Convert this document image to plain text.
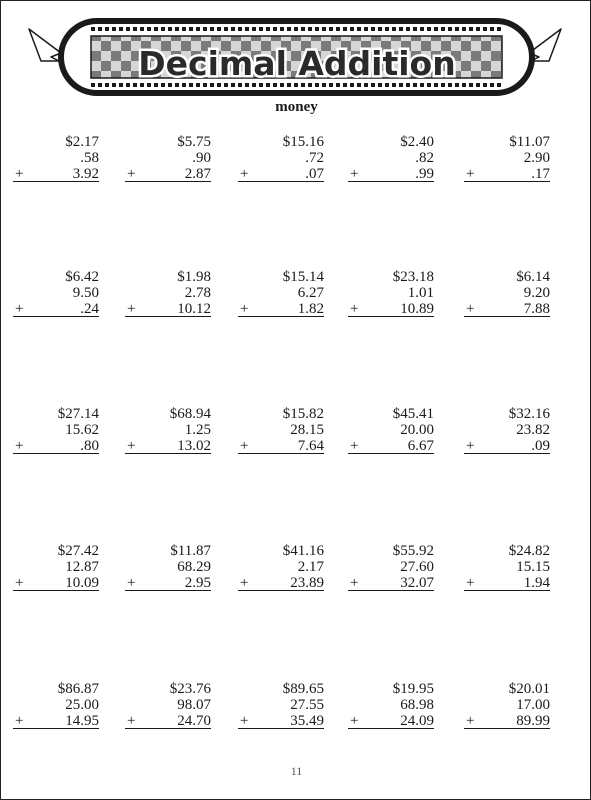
Decimal Addition
money
$2.17
.58
+	3.92
$5.75
.90
+	2.87
$15.16
.72
+	.07
$2.40
.82
+	.99
$11.07
2.90
+	.17
$6.42
9.50
+	.24
$1.98
2.78
+	10.12
$15.14
6.27
+	1.82
$23.18
1.01
+	10.89
$6.14
9.20
+	7.88
$27.14
15.62
+	.80
$68.94
1.25
+	13.02
$15.82
28.15
+	7.64
$45.41
20.00
+	6.67
$32.16
23.82
+	.09
$27.42
12.87
+	10.09
$11.87
68.29
+	2.95
$41.16
2.17
+	23.89
$55.92
27.60
+	32.07
$24.82
15.15
+	1.94
$86.87
25.00
+	14.95
$23.76
98.07
+	24.70
$89.65
27.55
+	35.49
$19.95
68.98
+	24.09
$20.01
17.00
+	89.99
11
